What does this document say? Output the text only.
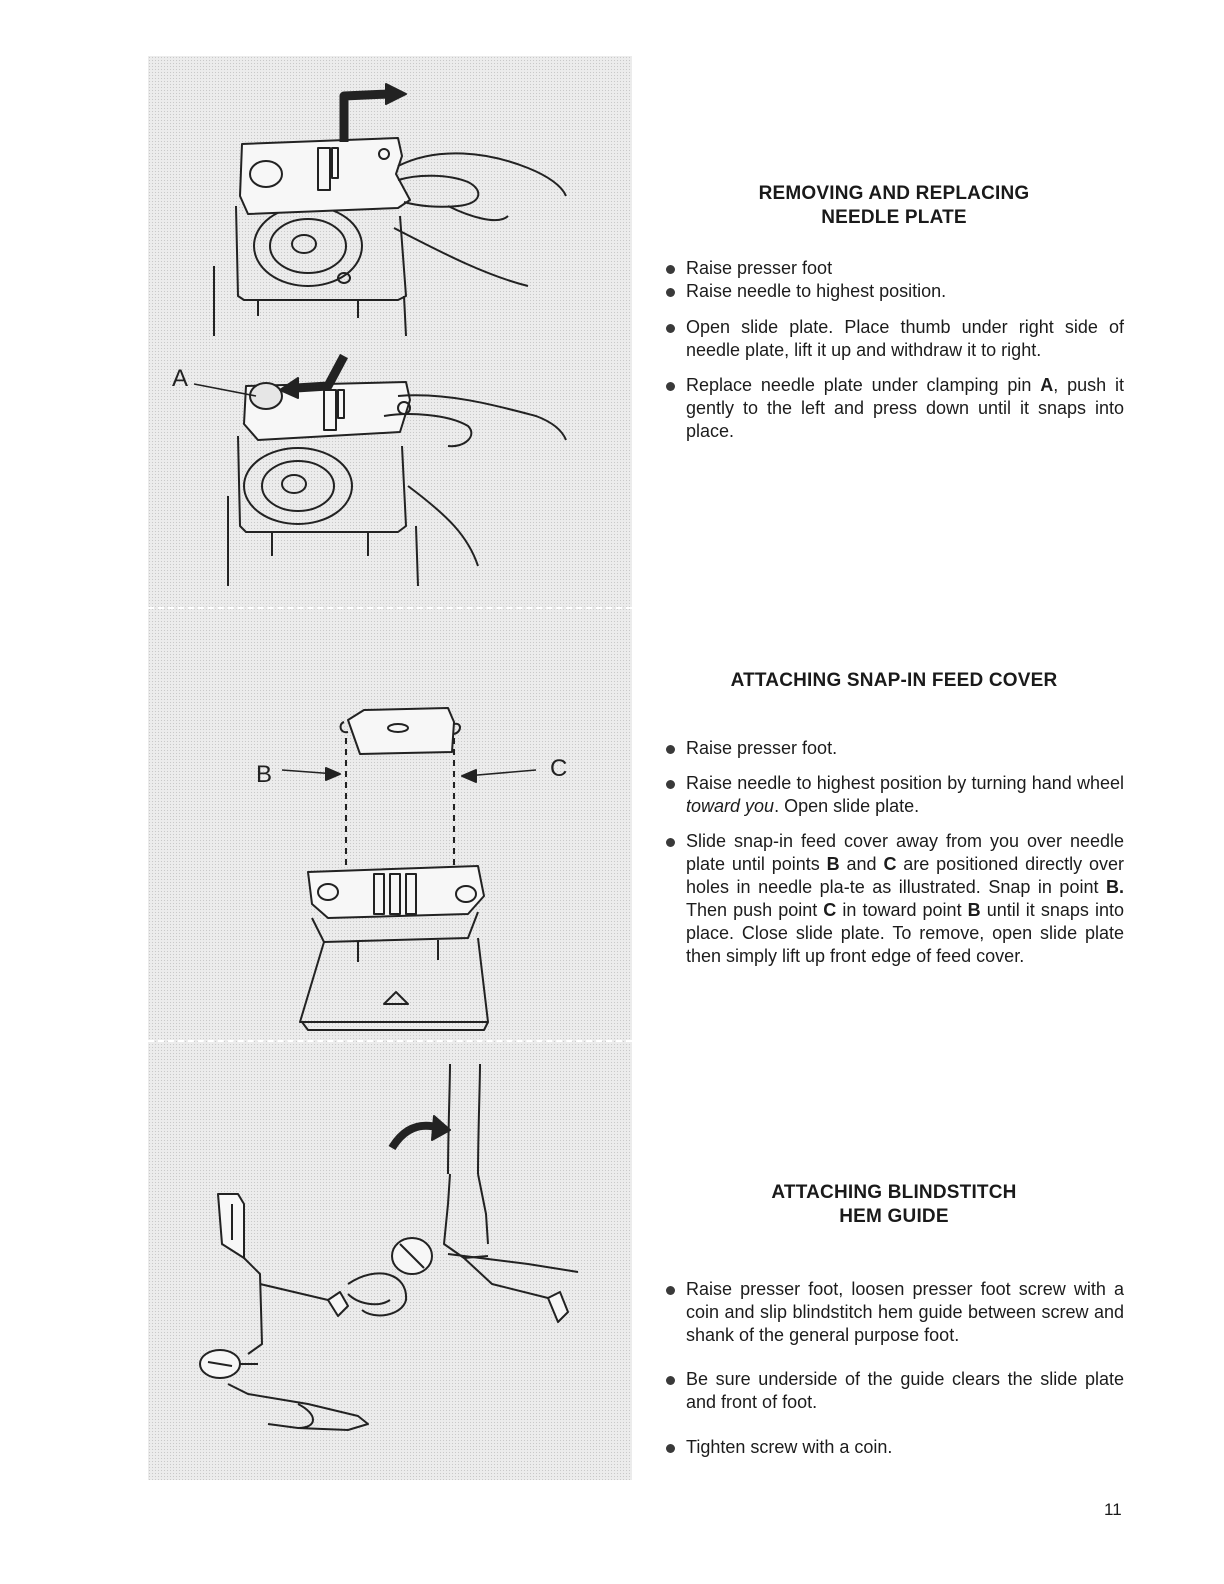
A
B	C
REMOVING AND REPLACING
NEEDLE PLATE
Raise presser foot
Raise needle to highest position.
Open slide plate. Place thumb under right side of needle plate, lift it up and withdraw it to right.
Replace needle plate under clamping pin A, push it gently to the left and press down until it snaps into place.
ATTACHING SNAP-IN FEED COVER
Raise presser foot.
Raise needle to highest position by turning hand wheel toward you. Open slide plate.
Slide snap-in feed cover away from you over needle plate until points B and C are positioned directly over holes in needle pla-te as illustrated. Snap in point B. Then push point C in toward point B until it snaps into place. Close slide plate. To remove, open slide plate then simply lift up front edge of feed cover.
ATTACHING BLINDSTITCH
HEM GUIDE
Raise presser foot, loosen presser foot screw with a coin and slip blindstitch hem guide between screw and shank of the general purpose foot.
Be sure underside of the guide clears the slide plate and front of foot.
Tighten screw with a coin.
11
